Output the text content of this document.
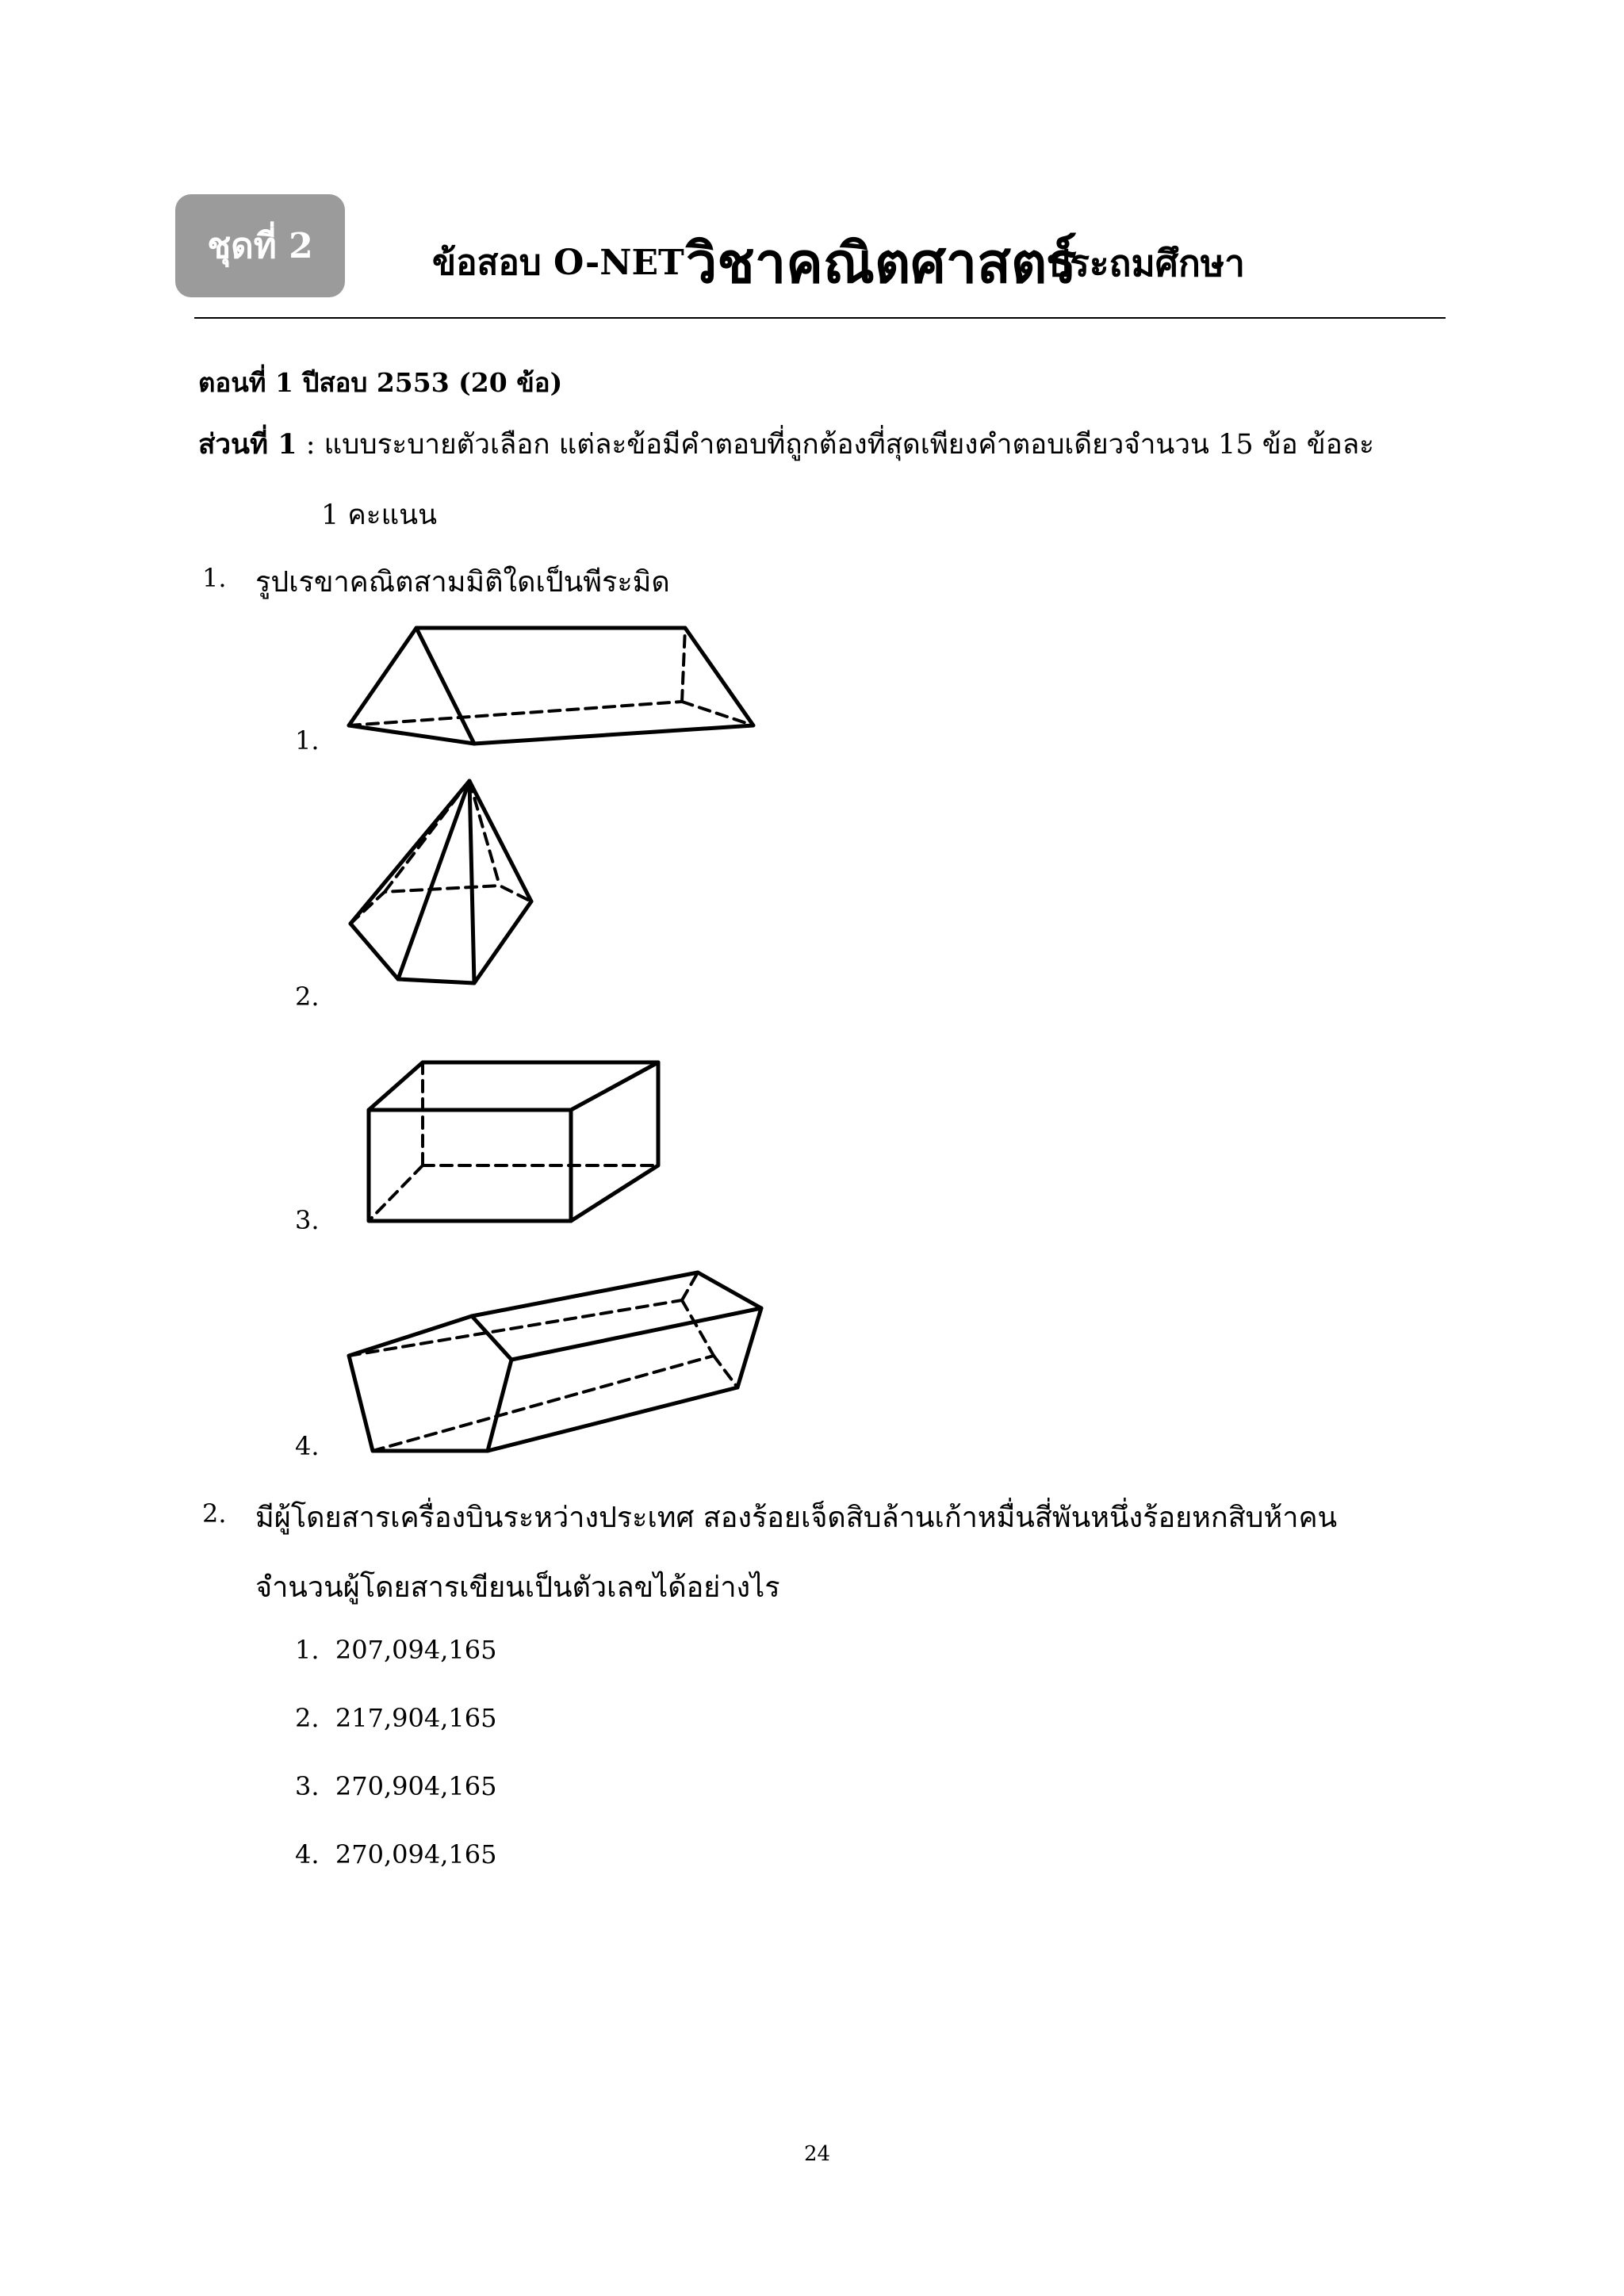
ชุดที่ 2	ข้อสอบ O-NET วิชาคณิตศาสตร์
ประถมศึกษา
ตอนที่ 1 ปีสอบ 2553 (20 ข้อ)
ส่วนที่ 1 : แบบระบายตัวเลือก แต่ละข้อมีคำตอบที่ถูกต้องที่สุดเพียงคำตอบเดียวจำนวน 15 ข้อ ข้อละ
1 คะแนน
1. รูปเรขาคณิตสามมิติใดเป็นพีระมิด
1.
2.
3.
4.
2. มีผู้โดยสารเครื่องบินระหว่างประเทศ สองร้อยเจ็ดสิบล้านเก้าหมื่นสี่พันหนึ่งร้อยหกสิบห้าคน
จำนวนผู้โดยสารเขียนเป็นตัวเลขได้อย่างไร
1. 207,094,165
2. 217,904,165
3. 270,904,165
4. 270,094,165
24
